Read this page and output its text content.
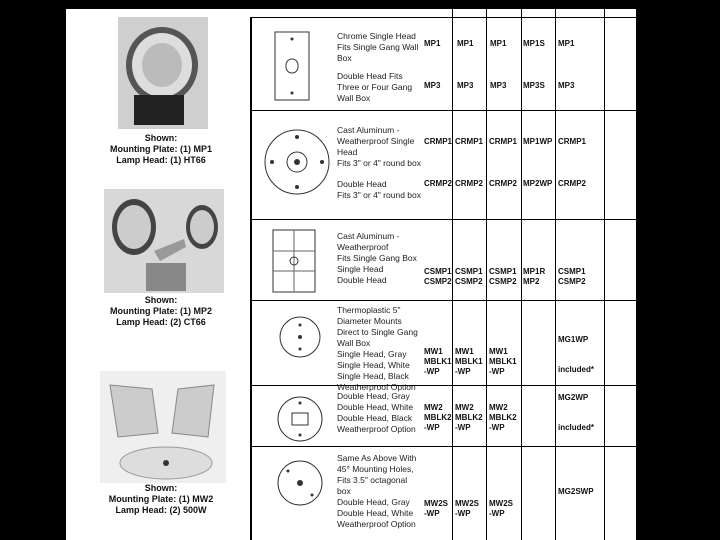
Shown:
Mounting Plate: (1) MP1
Lamp Head: (1) HT66
Shown:
Mounting Plate: (1) MP2
Lamp Head: (2) CT66
Shown:
Mounting Plate: (1) MW2
Lamp Head: (2) 500W
Chrome Single Head Fits Single Gang Wall Box
Double Head Fits Three or Four Gang Wall Box
Cast Aluminum - Weatherproof Single Head
Fits 3" or 4" round box
Double Head
Fits 3" or 4" round box
Cast Aluminum - Weatherproof
Fits Single Gang Box
Single Head
Double Head
Thermoplastic 5" Diameter Mounts Direct to Single Gang Wall Box
Single Head, Gray
Single Head, White
Single Head, Black
Weatherproof Option
Double Head, Gray
Double Head, White
Double Head, Black
Weatherproof Option
Same As Above With 45° Mounting Holes, Fits 3.5" octagonal box
Double Head, Gray
Double Head, White
Weatherproof Option
MP1 MP1 MP1 MP1S MP1
MP3 MP3 MP3 MP3S MP3
CRMP1 CRMP1 CRMP1 MP1WP CRMP1
CRMP2 CRMP2 CRMP2 MP2WP CRMP2
CSMP1
CSMP2
CSMP1
CSMP2
CSMP1
CSMP2
MP1R
MP2
CSMP1
CSMP2
MW1
MBLK1
-WP
MW1
MBLK1
-WP
MW1
MBLK1
-WP
MG1WP

included*
MW2
MBLK2
-WP
MW2
MBLK2
-WP
MW2
MBLK2
-WP
MG2WP

included*
MW2S
-WP
MW2S
-WP
MW2S
-WP
MG2SWP
